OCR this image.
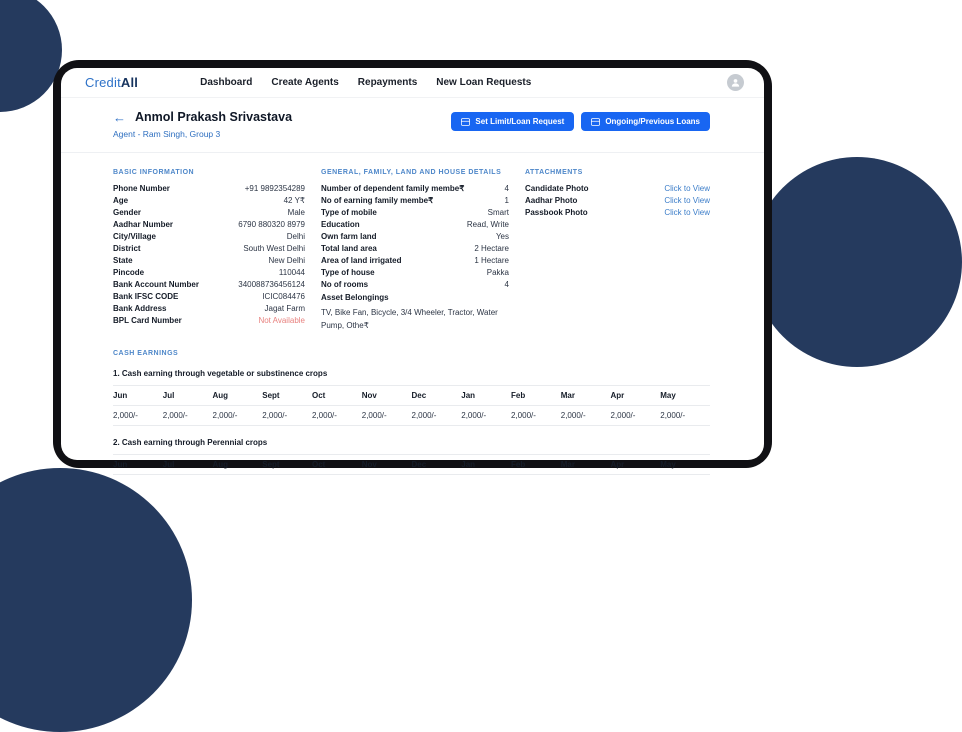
CreditAll	Dashboard Create Agents Repayments New Loan Requests
← Anmol Prakash Srivastava
Agent - Ram Singh, Group 3
Set Limit/Loan Request	Ongoing/Previous Loans
BASIC INFORMATION
Phone Number	+91 9892354289
Age	42 Y₹
Gender	Male
Aadhar Number	6790 880320 8979
City/Village	Delhi
District	South West Delhi
State	New Delhi
Pincode	110044
Bank Account Number	340088736456124
Bank IFSC CODE	ICIC084476
Bank Address	Jagat Farm
BPL Card Number	Not Available
GENERAL, FAMILY, LAND AND HOUSE DETAILS
Number of dependent family membe₹	4
No of earning family membe₹	1
Type of mobile	Smart
Education	Read, Write
Own farm land	Yes
Total land area	2 Hectare
Area of land irrigated	1 Hectare
Type of house	Pakka
No of rooms	4
Asset Belongings
TV, Bike Fan, Bicycle, 3/4 Wheeler, Tractor, Water Pump, Othe₹
ATTACHMENTS
Candidate Photo	Click to View
Aadhar Photo	Click to View
Passbook Photo	Click to View
CASH EARNINGS
1. Cash earning through vegetable or substinence crops
Jun	Jul	Aug	Sept	Oct	Nov	Dec	Jan	Feb	Mar	Apr	May
2,000/-	2,000/-	2,000/-	2,000/-	2,000/-	2,000/-	2,000/-	2,000/-	2,000/-	2,000/-	2,000/-	2,000/-
2. Cash earning through Perennial crops
Jun	Jul	Aug	Sept	Oct	Nov	Dec	Jan	Feb	Mar	Apr	May
